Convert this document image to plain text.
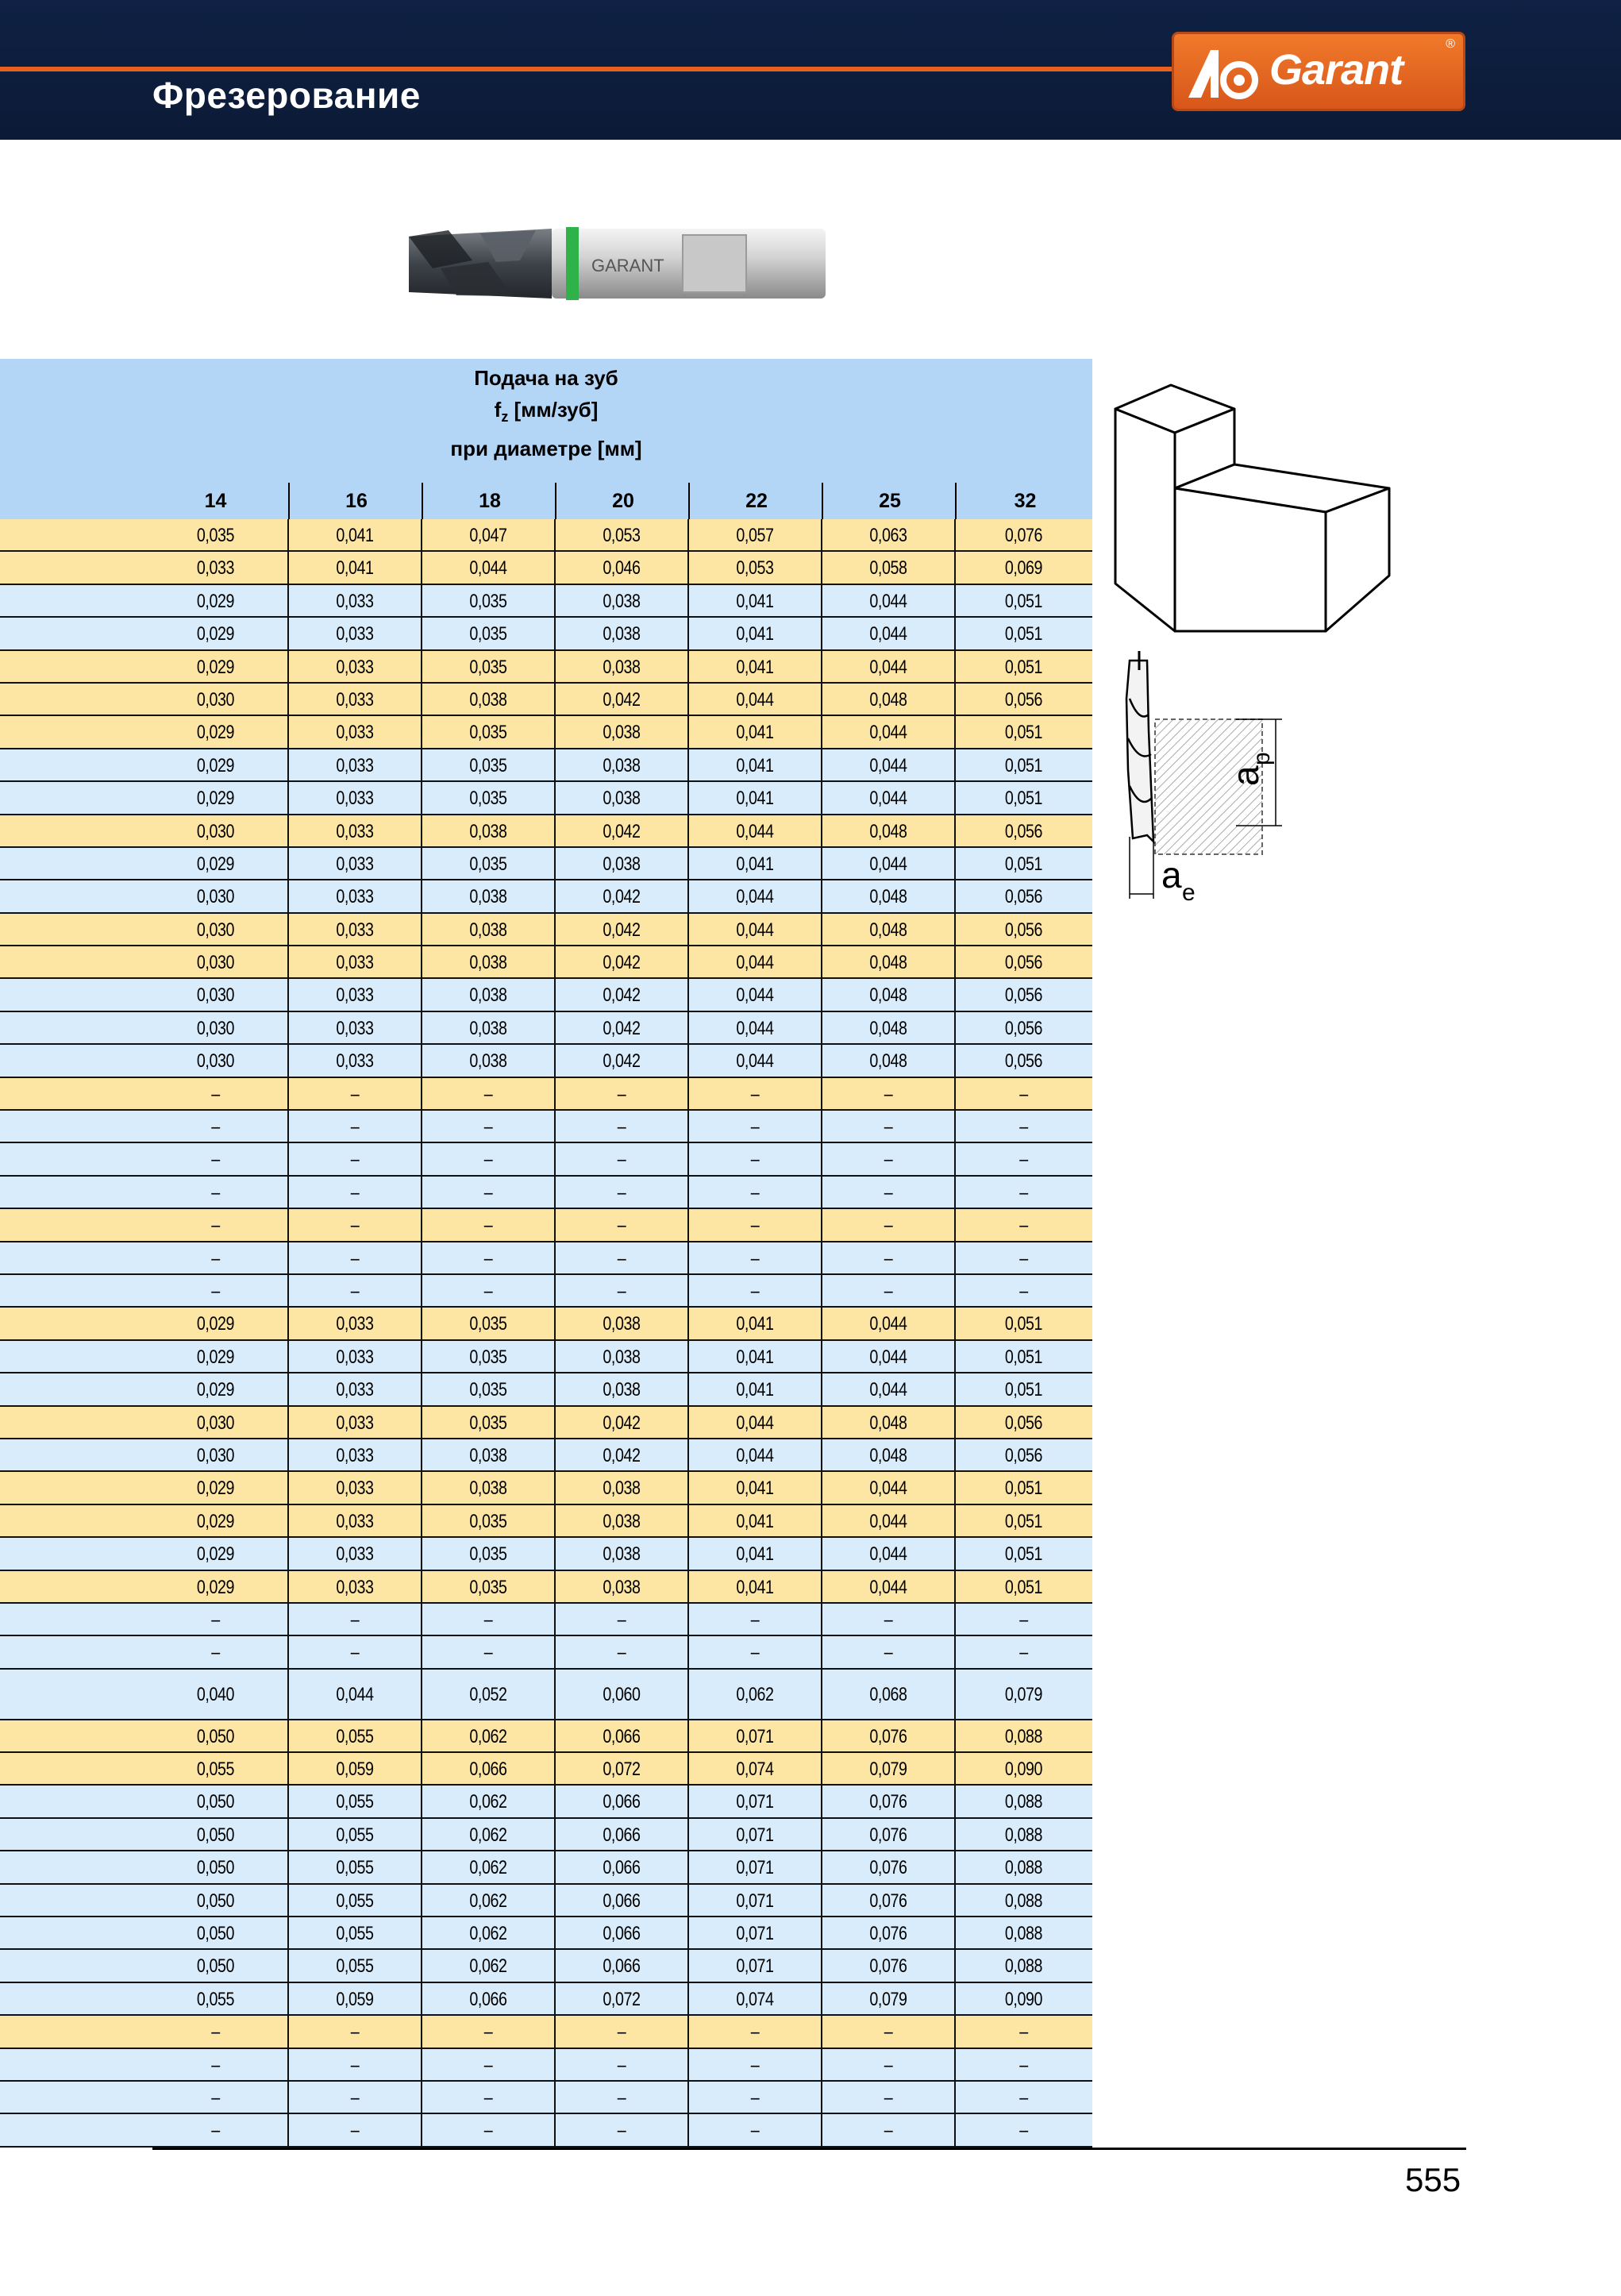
Фрезерование
Garant
®
GARANT
Подача на зуб
$f_z$ [мм/зуб]
при диаметре [мм]
14	16	18	20	22	25	32
0,035	0,041	0,047	0,053	0,057	0,063	0,076
0,033	0,041	0,044	0,046	0,053	0,058	0,069
0,029	0,033	0,035	0,038	0,041	0,044	0,051
0,029	0,033	0,035	0,038	0,041	0,044	0,051
0,029	0,033	0,035	0,038	0,041	0,044	0,051
0,030	0,033	0,038	0,042	0,044	0,048	0,056
0,029	0,033	0,035	0,038	0,041	0,044	0,051
0,029	0,033	0,035	0,038	0,041	0,044	0,051
0,029	0,033	0,035	0,038	0,041	0,044	0,051
0,030	0,033	0,038	0,042	0,044	0,048	0,056
0,029	0,033	0,035	0,038	0,041	0,044	0,051
0,030	0,033	0,038	0,042	0,044	0,048	0,056
0,030	0,033	0,038	0,042	0,044	0,048	0,056
0,030	0,033	0,038	0,042	0,044	0,048	0,056
0,030	0,033	0,038	0,042	0,044	0,048	0,056
0,030	0,033	0,038	0,042	0,044	0,048	0,056
0,030	0,033	0,038	0,042	0,044	0,048	0,056
–	–	–	–	–	–	–
–	–	–	–	–	–	–
–	–	–	–	–	–	–
–	–	–	–	–	–	–
–	–	–	–	–	–	–
–	–	–	–	–	–	–
–	–	–	–	–	–	–
0,029	0,033	0,035	0,038	0,041	0,044	0,051
0,029	0,033	0,035	0,038	0,041	0,044	0,051
0,029	0,033	0,035	0,038	0,041	0,044	0,051
0,030	0,033	0,035	0,042	0,044	0,048	0,056
0,030	0,033	0,038	0,042	0,044	0,048	0,056
0,029	0,033	0,038	0,038	0,041	0,044	0,051
0,029	0,033	0,035	0,038	0,041	0,044	0,051
0,029	0,033	0,035	0,038	0,041	0,044	0,051
0,029	0,033	0,035	0,038	0,041	0,044	0,051
–	–	–	–	–	–	–
–	–	–	–	–	–	–
0,040	0,044	0,052	0,060	0,062	0,068	0,079
0,050	0,055	0,062	0,066	0,071	0,076	0,088
0,055	0,059	0,066	0,072	0,074	0,079	0,090
0,050	0,055	0,062	0,066	0,071	0,076	0,088
0,050	0,055	0,062	0,066	0,071	0,076	0,088
0,050	0,055	0,062	0,066	0,071	0,076	0,088
0,050	0,055	0,062	0,066	0,071	0,076	0,088
0,050	0,055	0,062	0,066	0,071	0,076	0,088
0,050	0,055	0,062	0,066	0,071	0,076	0,088
0,055	0,059	0,066	0,072	0,074	0,079	0,090
–	–	–	–	–	–	–
–	–	–	–	–	–	–
–	–	–	–	–	–	–
–	–	–	–	–	–	–
a
p
a e
555
